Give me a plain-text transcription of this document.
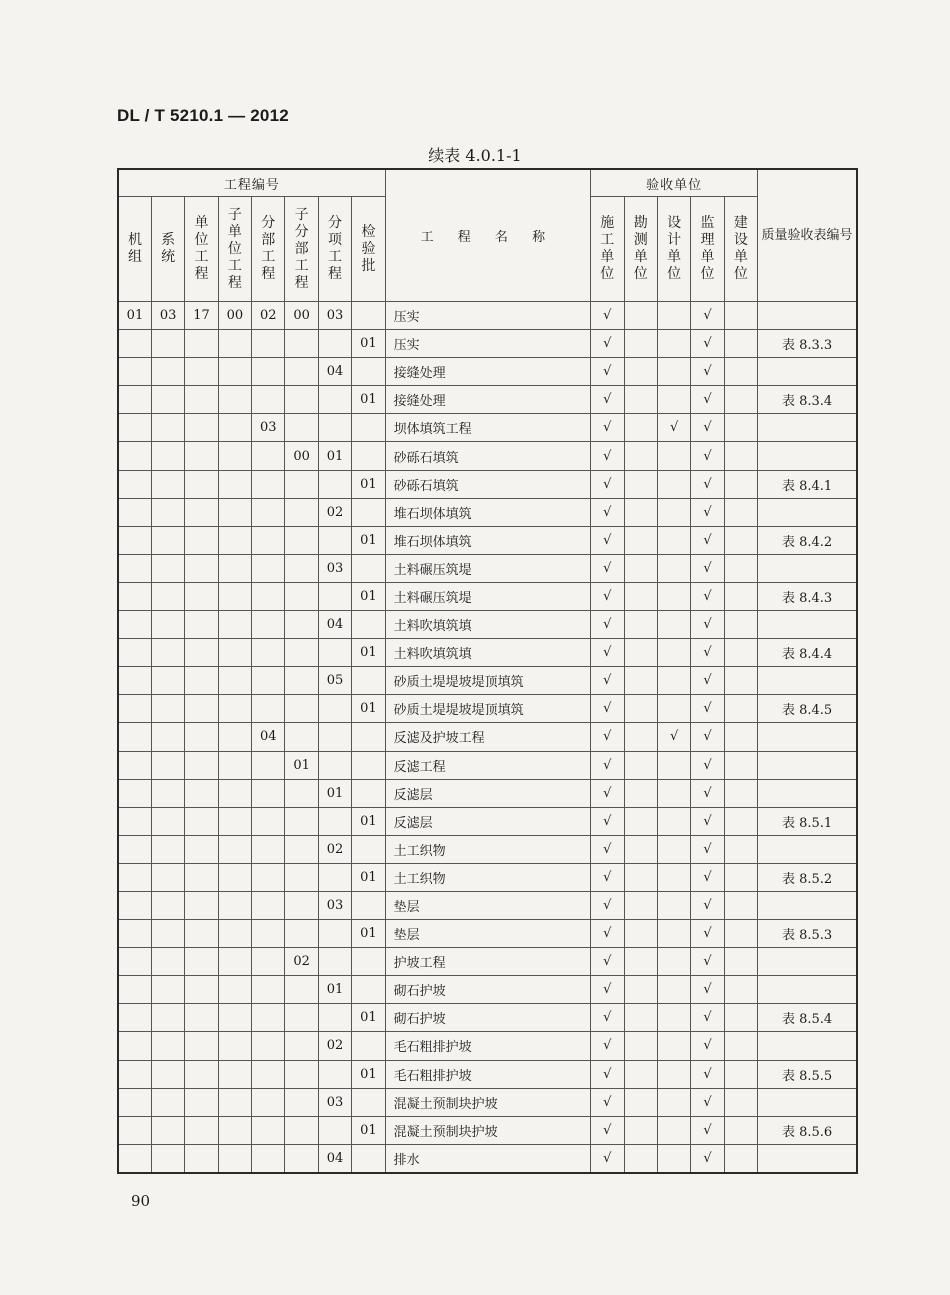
DL / T 5210.1 — 2012
续表 4.0.1-1
工程编号								工 程 名 称	验收单位					质量验收表编号
机组	系统	单位工程	子单位工程	分部工程	子分部工程	分项工程	检验批		施工单位	勘测单位	设计单位	监理单位	建设单位	
01	03	17	00	02	00	03		压实	√			√		
							01	压实	√			√		表 8.3.3
						04		接缝处理	√			√		
							01	接缝处理	√			√		表 8.3.4
				03				坝体填筑工程	√		√	√		
					00	01		砂砾石填筑	√			√		
							01	砂砾石填筑	√			√		表 8.4.1
						02		堆石坝体填筑	√			√		
							01	堆石坝体填筑	√			√		表 8.4.2
						03		土料碾压筑堤	√			√		
							01	土料碾压筑堤	√			√		表 8.4.3
						04		土料吹填筑填	√			√		
							01	土料吹填筑填	√			√		表 8.4.4
						05		砂质土堤堤坡堤顶填筑	√			√		
							01	砂质土堤堤坡堤顶填筑	√			√		表 8.4.5
				04				反滤及护坡工程	√		√	√		
					01			反滤工程	√			√		
						01		反滤层	√			√		
							01	反滤层	√			√		表 8.5.1
						02		土工织物	√			√		
							01	土工织物	√			√		表 8.5.2
						03		垫层	√			√		
							01	垫层	√			√		表 8.5.3
					02			护坡工程	√			√		
						01		砌石护坡	√			√		
							01	砌石护坡	√			√		表 8.5.4
						02		毛石粗排护坡	√			√		
							01	毛石粗排护坡	√			√		表 8.5.5
						03		混凝土预制块护坡	√			√		
							01	混凝土预制块护坡	√			√		表 8.5.6
						04		排水	√			√		
90
